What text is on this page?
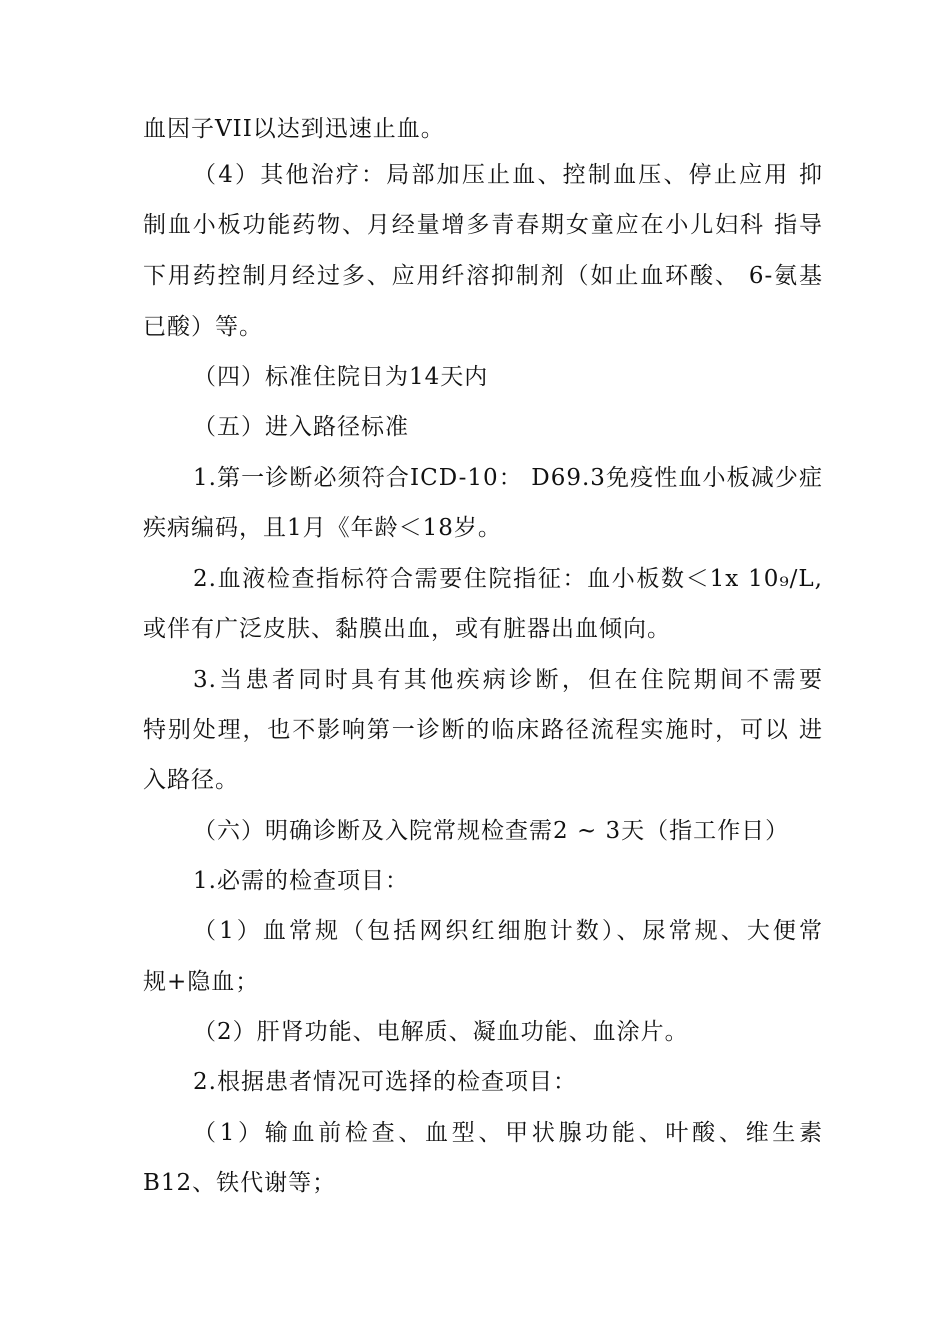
血因子VII以达到迅速止血。
（4）其他治疗：局部加压止血、控制血压、停止应用 抑
制血小板功能药物、月经量增多青春期女童应在小儿妇科 指导
下用药控制月经过多、应用纤溶抑制剂（如止血环酸、 6-氨基
已酸）等。
（四）标准住院日为14天内
（五）进入路径标准
1.第一诊断必须符合ICD-10： D69.3免疫性血小板减少症
疾病编码，且1月《年龄＜18岁。
2.血液检查指标符合需要住院指征：血小板数＜1x 10₉/L,
或伴有广泛皮肤、黏膜出血，或有脏器出血倾向。
3.当患者同时具有其他疾病诊断，但在住院期间不需要
特别处理，也不影响第一诊断的临床路径流程实施时，可以 进
入路径。
（六）明确诊断及入院常规检查需2 ~ 3天（指工作日）
1.必需的检查项目：
（1）血常规（包括网织红细胞计数）、尿常规、大便常
规+隐血；
（2）肝肾功能、电解质、凝血功能、血涂片。
2.根据患者情况可选择的检查项目：
（1）输血前检查、血型、甲状腺功能、叶酸、维生素
B12、铁代谢等；
